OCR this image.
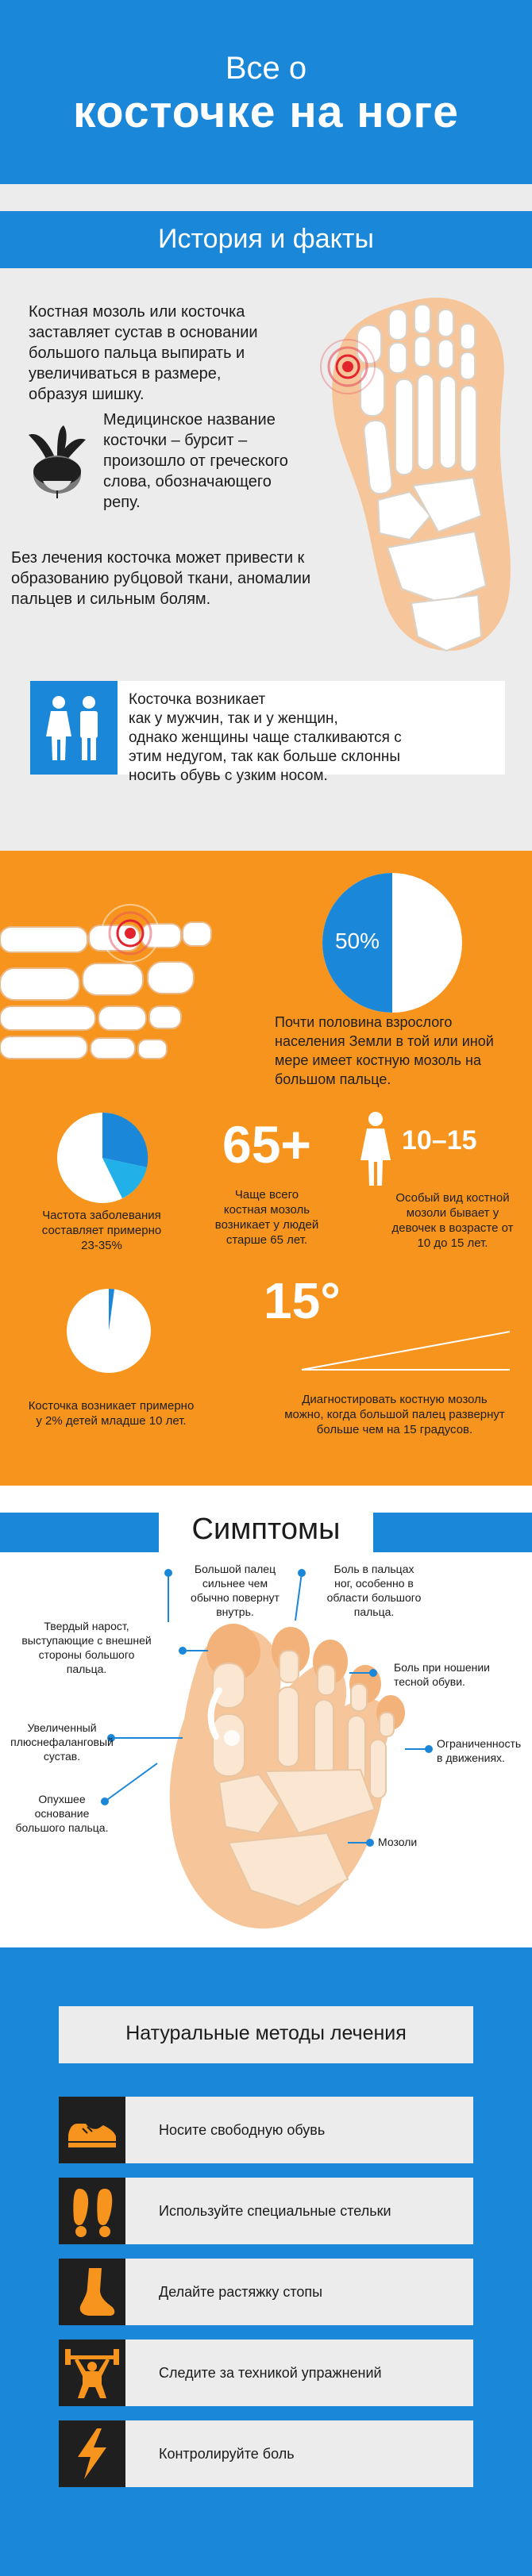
Все о
косточке на ноге
История и факты
Костная мозоль или косточка
заставляет сустав в основании
большого пальца выпирать и
увеличиваться в размере,
образуя шишку.
Медицинское название
косточки – бурсит –
произошло от греческого
слова, обозначающего
репу.
Без лечения косточка может привести к
образованию рубцовой ткани, аномалии
пальцев и сильным болям.
Косточка возникает
как у мужчин, так и у женщин,
однако женщины чаще сталкиваются с
этим недугом, так как больше склонны
носить обувь с узким носом.
50%
Почти половина взрослого
населения Земли в той или иной
мере имеет костную мозоль на
большом пальце.
Частота заболевания
составляет примерно
23-35%
65+
Чаще всего
костная мозоль
возникает у людей
старше 65 лет.
10–15
Особый вид костной
мозоли бывает у
девочек в возрасте от
10 до 15 лет.
Косточка возникает примерно
у 2% детей младше 10 лет.
15°
Диагностировать костную мозоль
можно, когда большой палец развернут
больше чем на 15 градусов.
Симптомы
Большой палец
сильнее чем
обычно повернут
внутрь.
Боль в пальцах
ног, особенно в
области большого
пальца.
Твердый нарост,
выступающие с внешней
стороны большого
пальца.	Боль при ношении
тесной обуви.
Увеличенный
плюснефаланговый
сустав.
Ограниченность
в движениях.
Опухшее
основание
большого пальца.
Мозоли
Натуральные методы лечения
Носите свободную обувь
Используйте специальные стельки
Делайте растяжку стопы
Следите за техникой упражнений
Контролируйте боль
